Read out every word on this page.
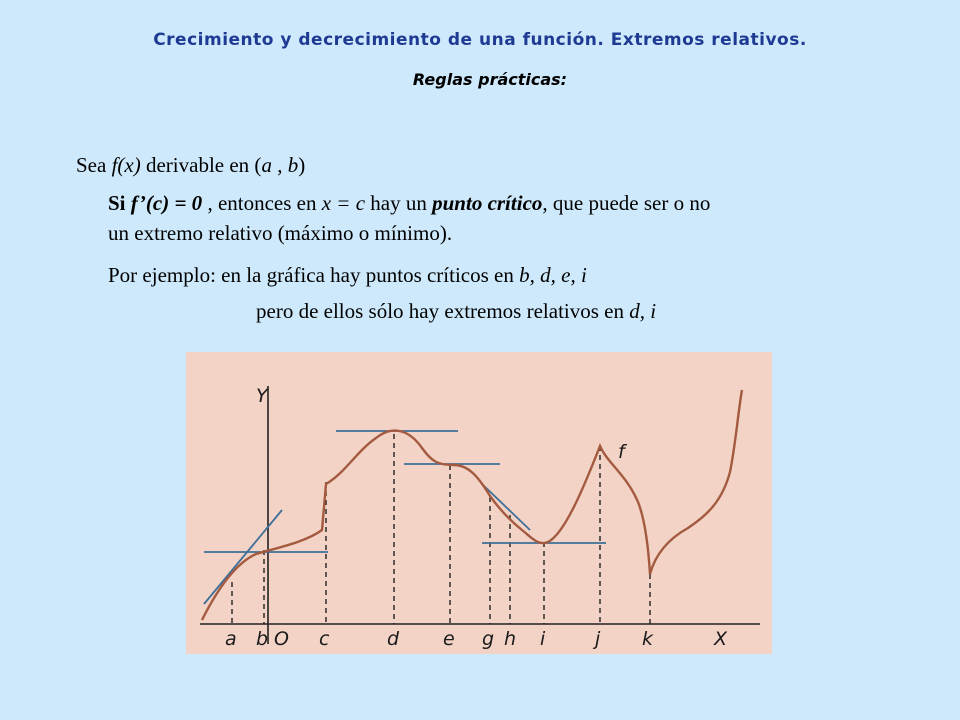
Crecimiento y decrecimiento de una función. Extremos relativos.
Reglas prácticas:
Sea f(x) derivable en (a , b)
Si f’(c) = 0 , entonces en x = c hay un punto crítico, que puede ser o no
un extremo relativo (máximo o mínimo).
Por ejemplo: en la gráfica hay puntos críticos en b, d, e, i
pero de ellos sólo hay extremos relativos en d, i
Y
X
f
a b O c	d e g h i	j k
